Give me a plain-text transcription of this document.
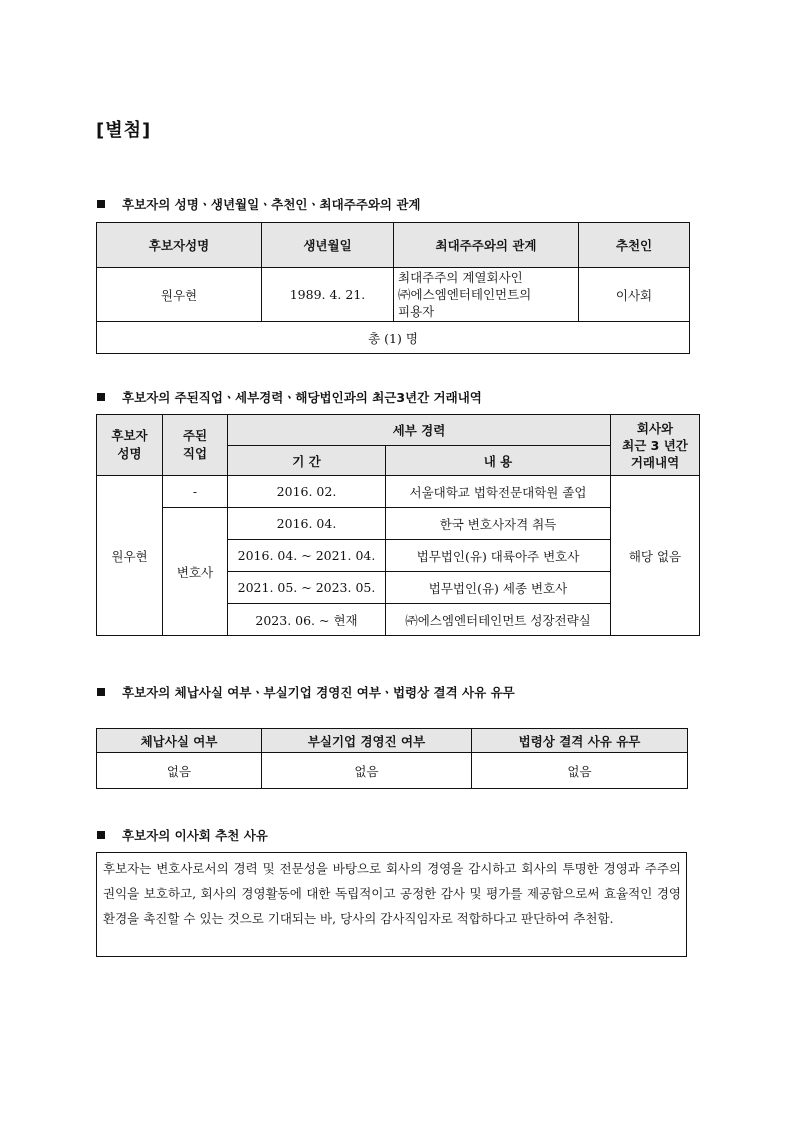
[별첨]
후보자의 성명ㆍ생년월일ㆍ추천인ㆍ최대주주와의 관계
후보자성명	생년월일	최대주주와의 관계	추천인
원우현	1989. 4. 21.	최대주주의 계열회사인
㈜에스엠엔터테인먼트의
피용자	이사회
총 (1) 명			
후보자의 주된직업ㆍ세부경력ㆍ해당법인과의 최근3년간 거래내역
후보자
성명	주된
직업	세부 경력		회사와
최근 3 년간
거래내역
		기 간	내 용	
원우현	-	2016. 02.	서울대학교 법학전문대학원 졸업	해당 없음
	변호사	2016. 04.	한국 변호사자격 취득	
		2016. 04. ~ 2021. 04.	법무법인(유) 대륙아주 변호사	
		2021. 05. ~ 2023. 05.	법무법인(유) 세종 변호사	
		2023. 06. ~ 현재	㈜에스엠엔터테인먼트 성장전략실	
후보자의 체납사실 여부ㆍ부실기업 경영진 여부ㆍ법령상 결격 사유 유무
체납사실 여부	부실기업 경영진 여부	법령상 결격 사유 유무
없음	없음	없음
후보자의 이사회 추천 사유
후보자는 변호사로서의 경력 및 전문성을 바탕으로 회사의 경영을 감시하고 회사의 투명한 경영과 주주의 권익을 보호하고, 회사의 경영활동에 대한 독립적이고 공정한 감사 및 평가를 제공함으로써 효율적인 경영 환경을 촉진할 수 있는 것으로 기대되는 바, 당사의 감사직임자로 적합하다고 판단하여 추천함.
